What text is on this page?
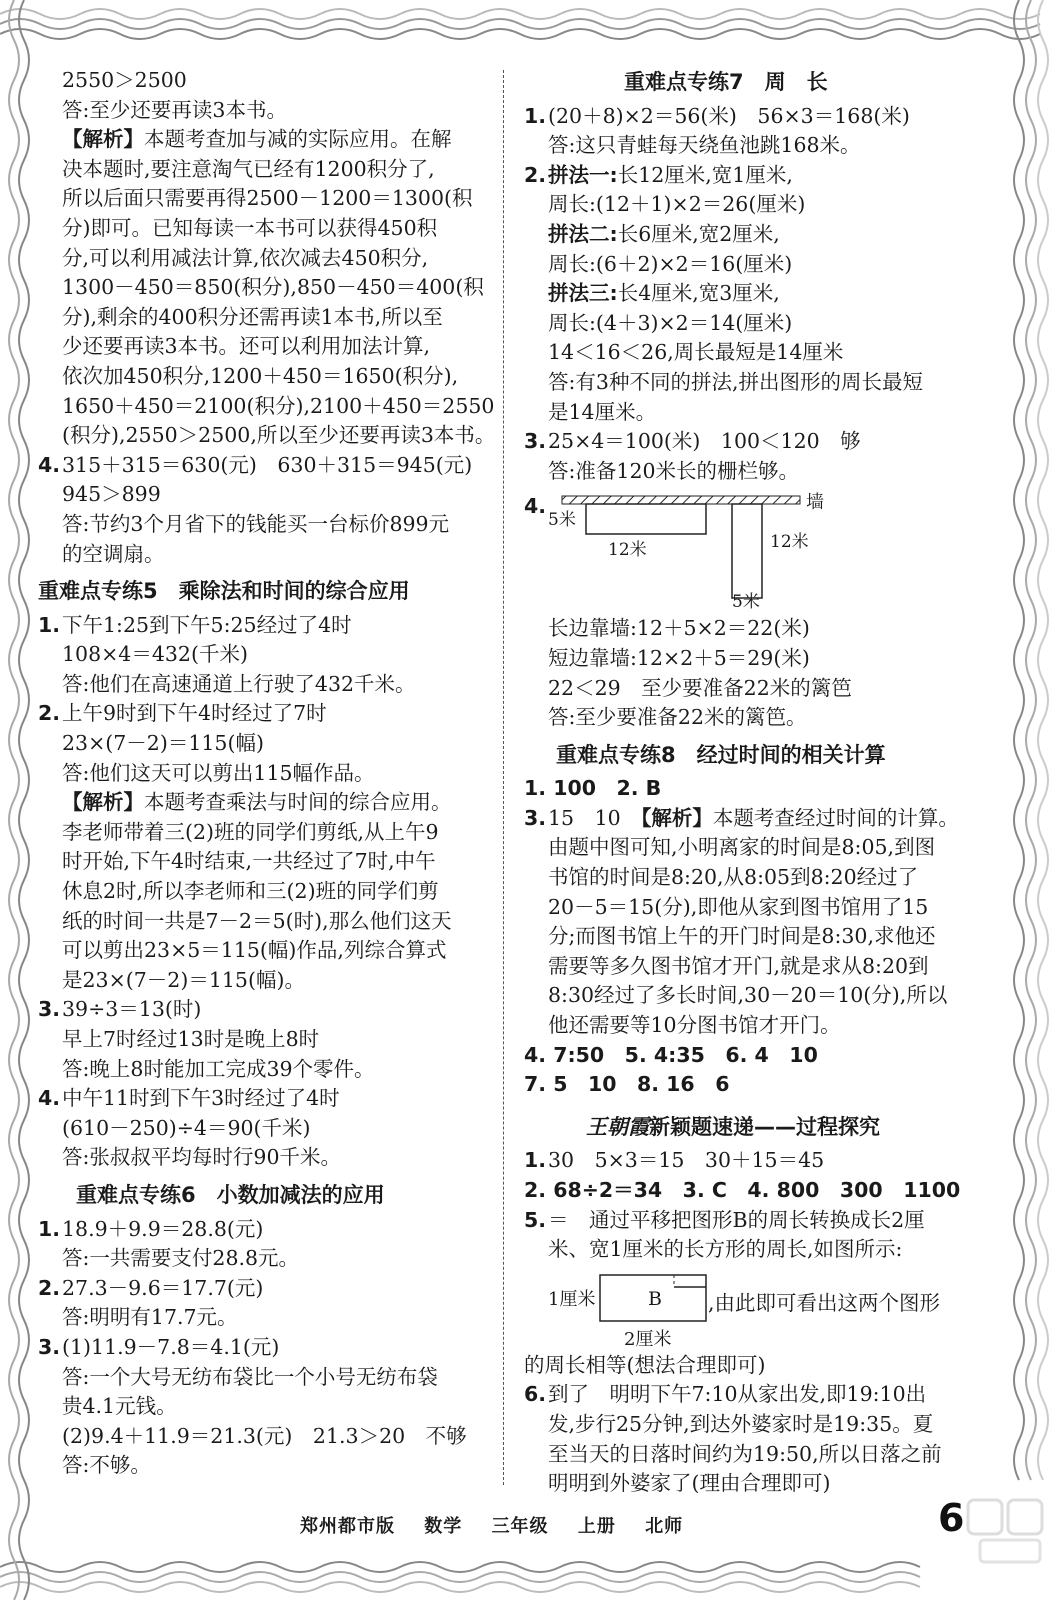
2550＞2500
答:至少还要再读3本书。
【解析】本题考查加与减的实际应用。在解
决本题时,要注意淘气已经有1200积分了,
所以后面只需要再得2500－1200＝1300(积
分)即可。已知每读一本书可以获得450积
分,可以利用减法计算,依次减去450积分,
1300－450＝850(积分),850－450＝400(积
分),剩余的400积分还需再读1本书,所以至
少还要再读3本书。还可以利用加法计算,
依次加450积分,1200＋450＝1650(积分),
1650＋450＝2100(积分),2100＋450＝2550
(积分),2550＞2500,所以至少还要再读3本书。
4.315＋315＝630(元)　630＋315＝945(元)
945＞899
答:节约3个月省下的钱能买一台标价899元
的空调扇。
重难点专练5　乘除法和时间的综合应用
1.下午1:25到下午5:25经过了4时
108×4＝432(千米)
答:他们在高速通道上行驶了432千米。
2.上午9时到下午4时经过了7时
23×(7－2)＝115(幅)
答:他们这天可以剪出115幅作品。
【解析】本题考查乘法与时间的综合应用。
李老师带着三(2)班的同学们剪纸,从上午9
时开始,下午4时结束,一共经过了7时,中午
休息2时,所以李老师和三(2)班的同学们剪
纸的时间一共是7－2＝5(时),那么他们这天
可以剪出23×5＝115(幅)作品,列综合算式
是23×(7－2)＝115(幅)。
3.39÷3＝13(时)
早上7时经过13时是晚上8时
答:晚上8时能加工完成39个零件。
4.中午11时到下午3时经过了4时
(610－250)÷4＝90(千米)
答:张叔叔平均每时行90千米。
重难点专练6　小数加减法的应用
1.18.9＋9.9＝28.8(元)
答:一共需要支付28.8元。
2.27.3－9.6＝17.7(元)
答:明明有17.7元。
3.(1)11.9－7.8＝4.1(元)
答:一个大号无纺布袋比一个小号无纺布袋
贵4.1元钱。
(2)9.4＋11.9＝21.3(元)　21.3＞20　不够
答:不够。
重难点专练7　周　长
1.(20＋8)×2＝56(米)　56×3＝168(米)
答:这只青蛙每天绕鱼池跳168米。
2.拼法一:长12厘米,宽1厘米,
周长:(12＋1)×2＝26(厘米)
拼法二:长6厘米,宽2厘米,
周长:(6＋2)×2＝16(厘米)
拼法三:长4厘米,宽3厘米,
周长:(4＋3)×2＝14(厘米)
14＜16＜26,周长最短是14厘米
答:有3种不同的拼法,拼出图形的周长最短
是14厘米。
3.25×4＝100(米)　100＜120　够
答:准备120米长的栅栏够。
4.	墙
5米
12米	12米
5米
长边靠墙:12＋5×2＝22(米)
短边靠墙:12×2＋5＝29(米)
22＜29　至少要准备22米的篱笆
答:至少要准备22米的篱笆。
重难点专练8　经过时间的相关计算
1. 100　2. B
3.15　10　【解析】本题考查经过时间的计算。
由题中图可知,小明离家的时间是8:05,到图
书馆的时间是8:20,从8:05到8:20经过了
20－5＝15(分),即他从家到图书馆用了15
分;而图书馆上午的开门时间是8:30,求他还
需要等多久图书馆才开门,就是求从8:20到
8:30经过了多长时间,30－20＝10(分),所以
他还需要等10分图书馆才开门。
4. 7:50　5. 4:35　6. 4　10
7. 5　10　8. 16　6
王朝霞新颖题速递——过程探究
1.30　5×3＝15　30＋15＝45
2. 68÷2＝34　3. C　4. 800　300　1100
5.＝　通过平移把图形B的周长转换成长2厘
米、宽1厘米的长方形的周长,如图所示:
1厘米	B ,由此即可看出这两个图形
2厘米
的周长相等(想法合理即可)
6.到了　明明下午7:10从家出发,即19:10出
发,步行25分钟,到达外婆家时是19:35。夏
至当天的日落时间约为19:50,所以日落之前
明明到外婆家了(理由合理即可)
郑州都市版 数学 三年级 上册 北师	6
